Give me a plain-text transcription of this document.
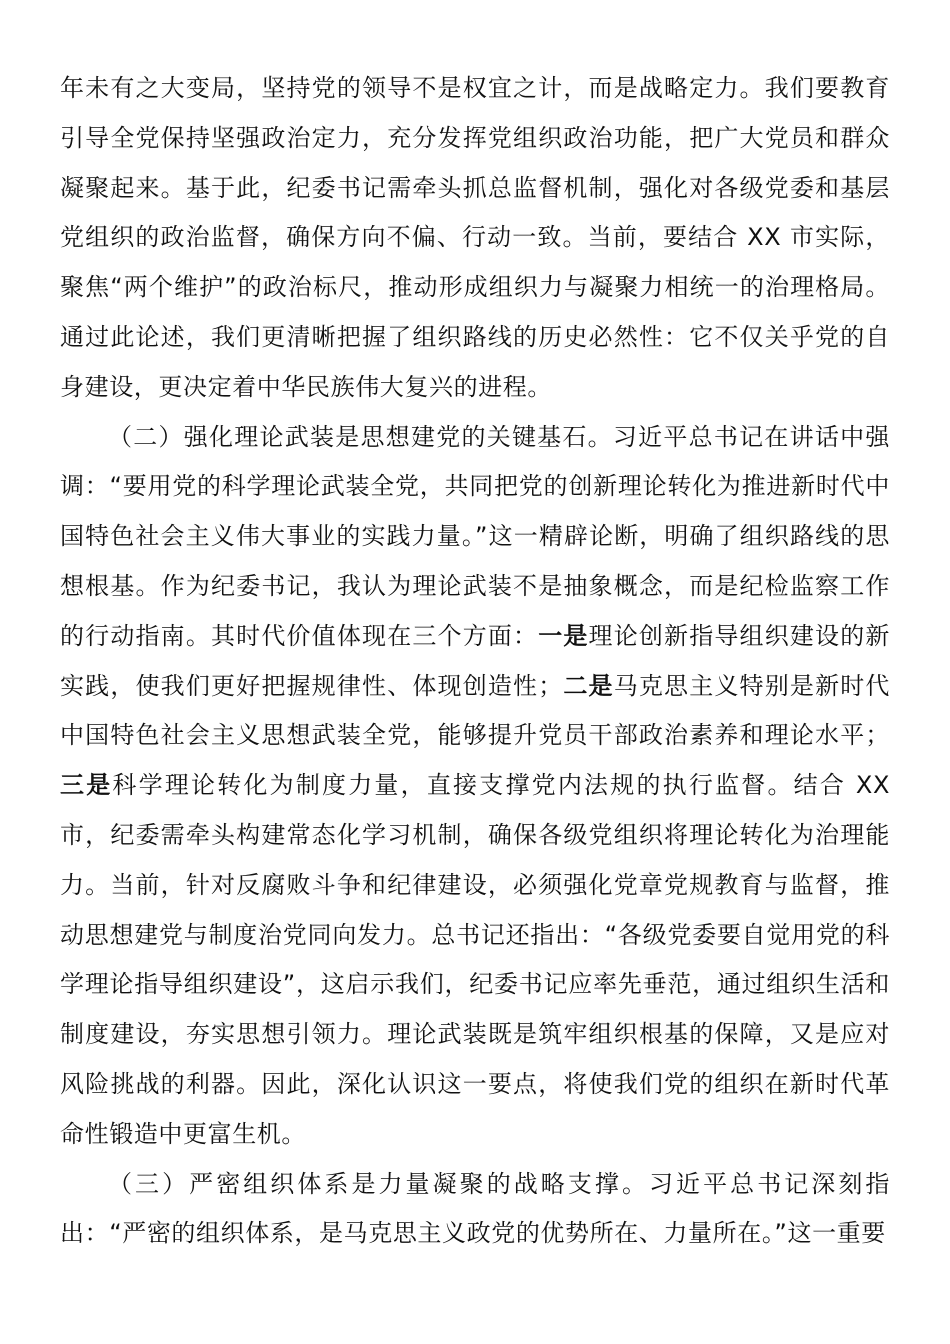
年未有之大变局，坚持党的领导不是权宜之计，而是战略定力。我们要教育引导全党保持坚强政治定力，充分发挥党组织政治功能，把广大党员和群众凝聚起来。基于此，纪委书记需牵头抓总监督机制，强化对各级党委和基层党组织的政治监督，确保方向不偏、行动一致。当前，要结合 XX 市实际，聚焦“两个维护”的政治标尺，推动形成组织力与凝聚力相统一的治理格局。通过此论述，我们更清晰把握了组织路线的历史必然性：它不仅关乎党的自身建设，更决定着中华民族伟大复兴的进程。

（二）强化理论武装是思想建党的关键基石。习近平总书记在讲话中强调：“要用党的科学理论武装全党，共同把党的创新理论转化为推进新时代中国特色社会主义伟大事业的实践力量。”这一精辟论断，明确了组织路线的思想根基。作为纪委书记，我认为理论武装不是抽象概念，而是纪检监察工作的行动指南。其时代价值体现在三个方面：一是理论创新指导组织建设的新实践，使我们更好把握规律性、体现创造性；二是马克思主义特别是新时代中国特色社会主义思想武装全党，能够提升党员干部政治素养和理论水平；三是科学理论转化为制度力量，直接支撑党内法规的执行监督。结合 XX 市，纪委需牵头构建常态化学习机制，确保各级党组织将理论转化为治理能力。当前，针对反腐败斗争和纪律建设，必须强化党章党规教育与监督，推动思想建党与制度治党同向发力。总书记还指出：“各级党委要自觉用党的科学理论指导组织建设”，这启示我们，纪委书记应率先垂范，通过组织生活和制度建设，夯实思想引领力。理论武装既是筑牢组织根基的保障，又是应对风险挑战的利器。因此，深化认识这一要点，将使我们党的组织在新时代革命性锻造中更富生机。

（三）严密组织体系是力量凝聚的战略支撑。习近平总书记深刻指出：“严密的组织体系，是马克思主义政党的优势所在、力量所在。”这一重要
